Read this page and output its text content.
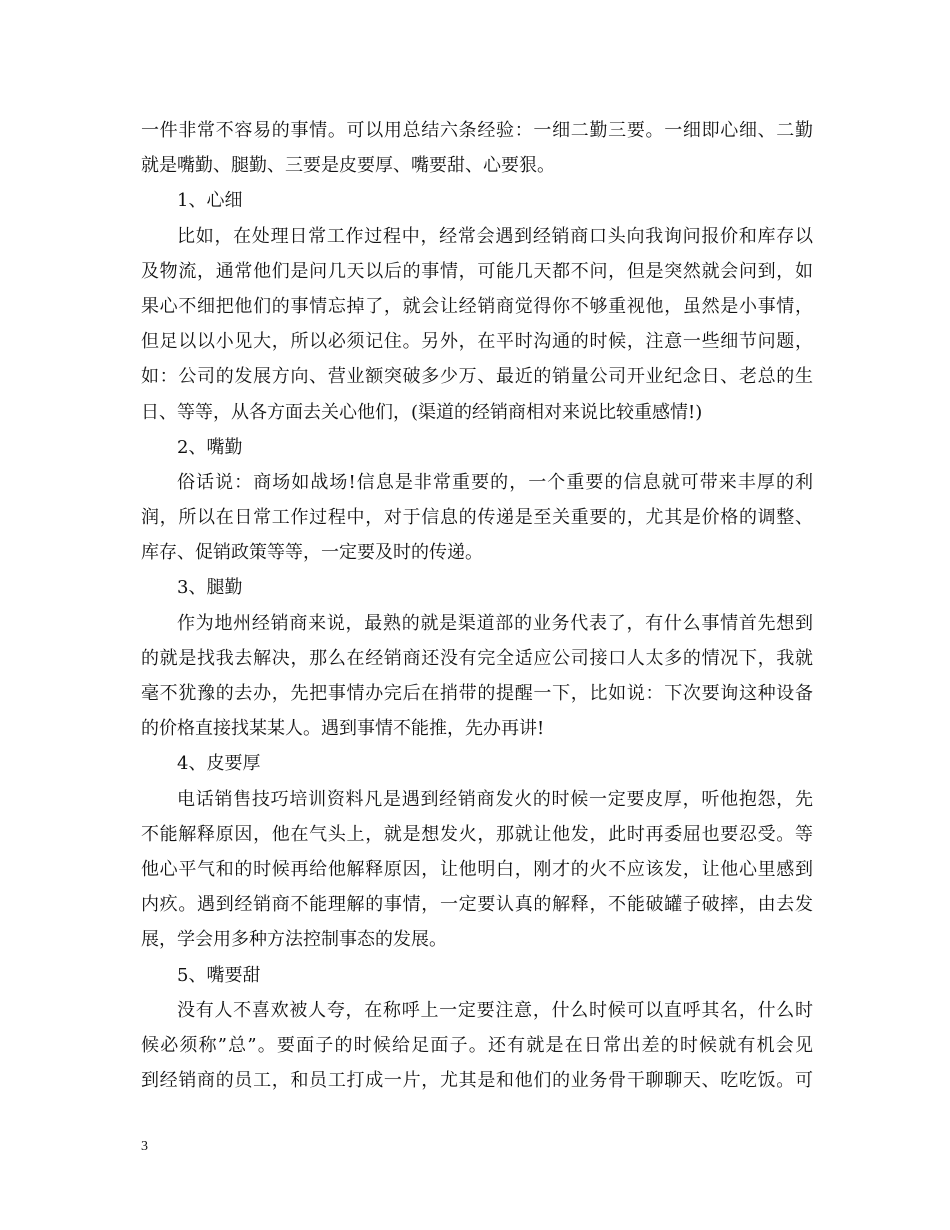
一件非常不容易的事情。可以用总结六条经验：一细二勤三要。一细即心细、二勤
就是嘴勤、腿勤、三要是皮要厚、嘴要甜、心要狠。
1、心细
比如，在处理日常工作过程中，经常会遇到经销商口头向我询问报价和库存以
及物流，通常他们是问几天以后的事情，可能几天都不问，但是突然就会问到，如
果心不细把他们的事情忘掉了，就会让经销商觉得你不够重视他，虽然是小事情，
但足以以小见大，所以必须记住。另外，在平时沟通的时候，注意一些细节问题，
如：公司的发展方向、营业额突破多少万、最近的销量公司开业纪念日、老总的生
日、等等，从各方面去关心他们，(渠道的经销商相对来说比较重感情!)
2、嘴勤
俗话说：商场如战场!信息是非常重要的，一个重要的信息就可带来丰厚的利
润，所以在日常工作过程中，对于信息的传递是至关重要的，尤其是价格的调整、
库存、促销政策等等，一定要及时的传递。
3、腿勤
作为地州经销商来说，最熟的就是渠道部的业务代表了，有什么事情首先想到
的就是找我去解决，那么在经销商还没有完全适应公司接口人太多的情况下，我就
毫不犹豫的去办，先把事情办完后在捎带的提醒一下，比如说：下次要询这种设备
的价格直接找某某人。遇到事情不能推，先办再讲!
4、皮要厚
电话销售技巧培训资料凡是遇到经销商发火的时候一定要皮厚，听他抱怨，先
不能解释原因，他在气头上，就是想发火，那就让他发，此时再委屈也要忍受。等
他心平气和的时候再给他解释原因，让他明白，刚才的火不应该发，让他心里感到
内疚。遇到经销商不能理解的事情，一定要认真的解释，不能破罐子破摔，由去发
展，学会用多种方法控制事态的发展。
5、嘴要甜
没有人不喜欢被人夸，在称呼上一定要注意，什么时候可以直呼其名，什么时
候必须称”总”。要面子的时候给足面子。还有就是在日常出差的时候就有机会见
到经销商的员工，和员工打成一片，尤其是和他们的业务骨干聊聊天、吃吃饭。可
3
